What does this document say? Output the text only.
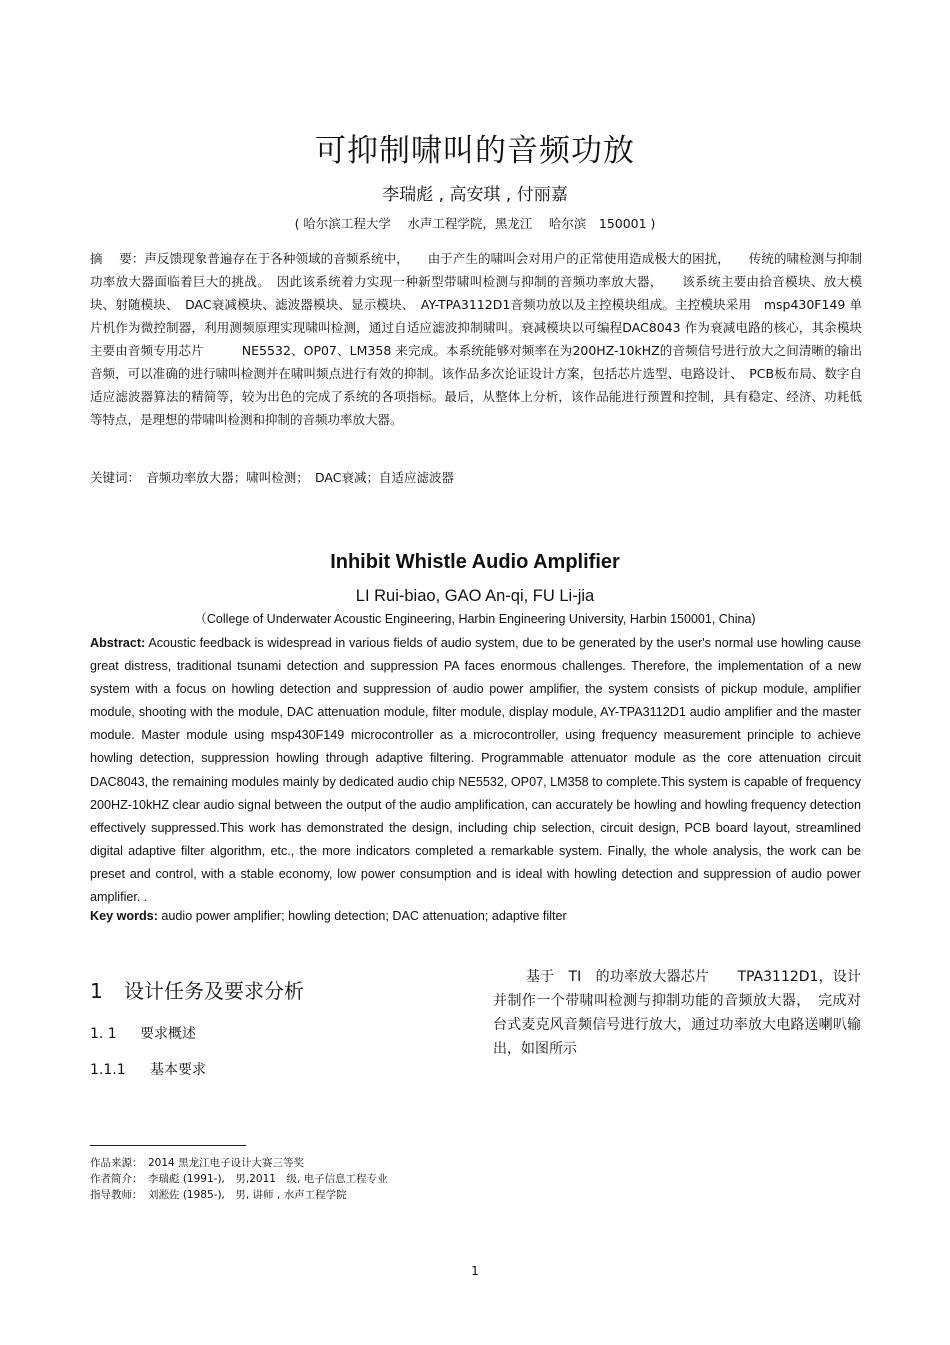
可抑制啸叫的音频功放
李瑞彪 , 高安琪 , 付丽嘉
( 哈尔滨工程大学　 水声工程学院，黑龙江　 哈尔滨　150001 )
摘　 要：声反馈现象普遍存在于各种领域的音频系统中，　　由于产生的啸叫会对用户的正常使用造成极大的困扰，　　传统的啸检测与抑制功率放大器面临着巨大的挑战。　因此该系统着力实现一种新型带啸叫检测与抑制的音频功率放大器，　　该系统主要由拾音模块、放大模块、射随模块、　DAC衰减模块、滤波器模块、显示模块、　AY-TPA3112D1音频功放以及主控模块组成。主控模块采用　msp430F149 单片机作为微控制器，利用测频原理实现啸叫检测，通过自适应滤波抑制啸叫。衰减模块以可编程DAC8043 作为衰减电路的核心，其余模块主要由音频专用芯片　　　NE5532、OP07、LM358 来完成。本系统能够对频率在为200HZ-10kHZ的音频信号进行放大之间清晰的输出音频，可以准确的进行啸叫检测并在啸叫频点进行有效的抑制。该作品多次论证设计方案，包括芯片选型、电路设计、　PCB板布局、数字自适应滤波器算法的精简等，较为出色的完成了系统的各项指标。最后，从整体上分析，该作品能进行预置和控制，具有稳定、经济、功耗低等特点，是理想的带啸叫检测和抑制的音频功率放大器。
关键词：　音频功率放大器；啸叫检测；　DAC衰减；自适应滤波器
Inhibit Whistle Audio Amplifier
LI Rui-biao, GAO An-qi, FU Li-jia
（College of Underwater Acoustic Engineering, Harbin Engineering University, Harbin 150001, China)
Abstract: Acoustic feedback is widespread in various fields of audio system, due to be generated by the user's normal use howling cause great distress, traditional tsunami detection and suppression PA faces enormous challenges. Therefore, the implementation of a new system with a focus on howling detection and suppression of audio power amplifier, the system consists of pickup module, amplifier module, shooting with the module, DAC attenuation module, filter module, display module, AY-TPA3112D1 audio amplifier and the master module. Master module using msp430F149 microcontroller as a microcontroller, using frequency measurement principle to achieve howling detection, suppression howling through adaptive filtering. Programmable attenuator module as the core attenuation circuit DAC8043, the remaining modules mainly by dedicated audio chip NE5532, OP07, LM358 to complete.This system is capable of frequency 200HZ-10kHZ clear audio signal between the output of the audio amplification, can accurately be howling and howling frequency detection effectively suppressed.This work has demonstrated the design, including chip selection, circuit design, PCB board layout, streamlined digital adaptive filter algorithm, etc., the more indicators completed a remarkable system. Finally, the whole analysis, the work can be preset and control, with a stable economy, low power consumption and is ideal with howling detection and suppression of audio power amplifier. .
Key words: audio power amplifier; howling detection; DAC attenuation; adaptive filter
1 设计任务及要求分析
1. 1 要求概述
1.1.1 基本要求
基于　TI　的功率放大器芯片　　TPA3112D1，设计并制作一个带啸叫检测与抑制功能的音频放大器，　完成对台式麦克风音频信号进行放大，通过功率放大电路送喇叭输出，如图所示
作品来源： 2014 黑龙江电子设计大赛三等奖
作者简介： 李瑞彪 (1991-),　男,2011　级, 电子信息工程专业
指导教师： 刘淞佐 (1985-),　男, 讲师 , 水声工程学院
1
